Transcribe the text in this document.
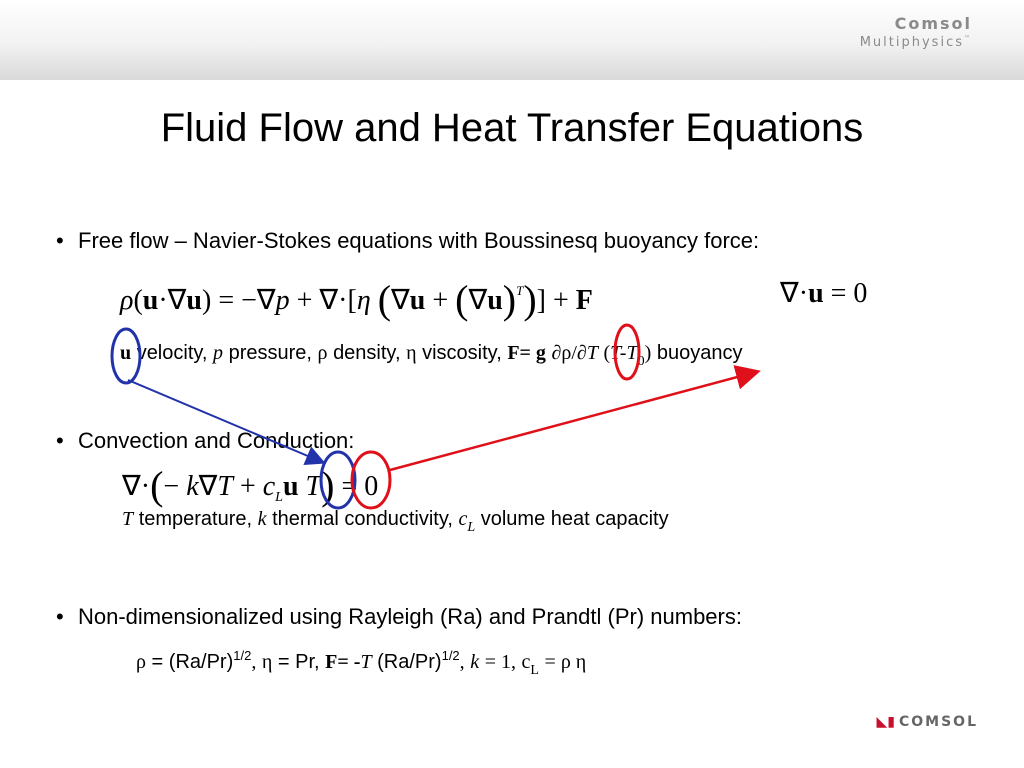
Comsol
Multiphysics™
Fluid Flow and Heat Transfer Equations
• Free flow – Navier-Stokes equations with Boussinesq buoyancy force:
ρ(u·∇u) = −∇p + ∇·[η $(\nabla u + (\nabla u)^T)] + F$	∇·u = 0
u velocity, p pressure, ρ density, η viscosity, F= g ∂ρ/∂T $(T-T_0)$ buoyancy
• Convection and Conduction:
∇·(− $k\nabla T + c_Lu$ T) = 0
T temperature, k thermal conductivity, $c_L$ volume heat capacity
• Non-dimensionalized using Rayleigh (Ra) and Prandtl (Pr) numbers:
$\rho = (Ra/Pr)^{1/2}$, η = Pr, F= -T $(Ra/Pr)^{1/2}$, k = 1, $c_L = \rho$ η
◣▮ COMSOL
